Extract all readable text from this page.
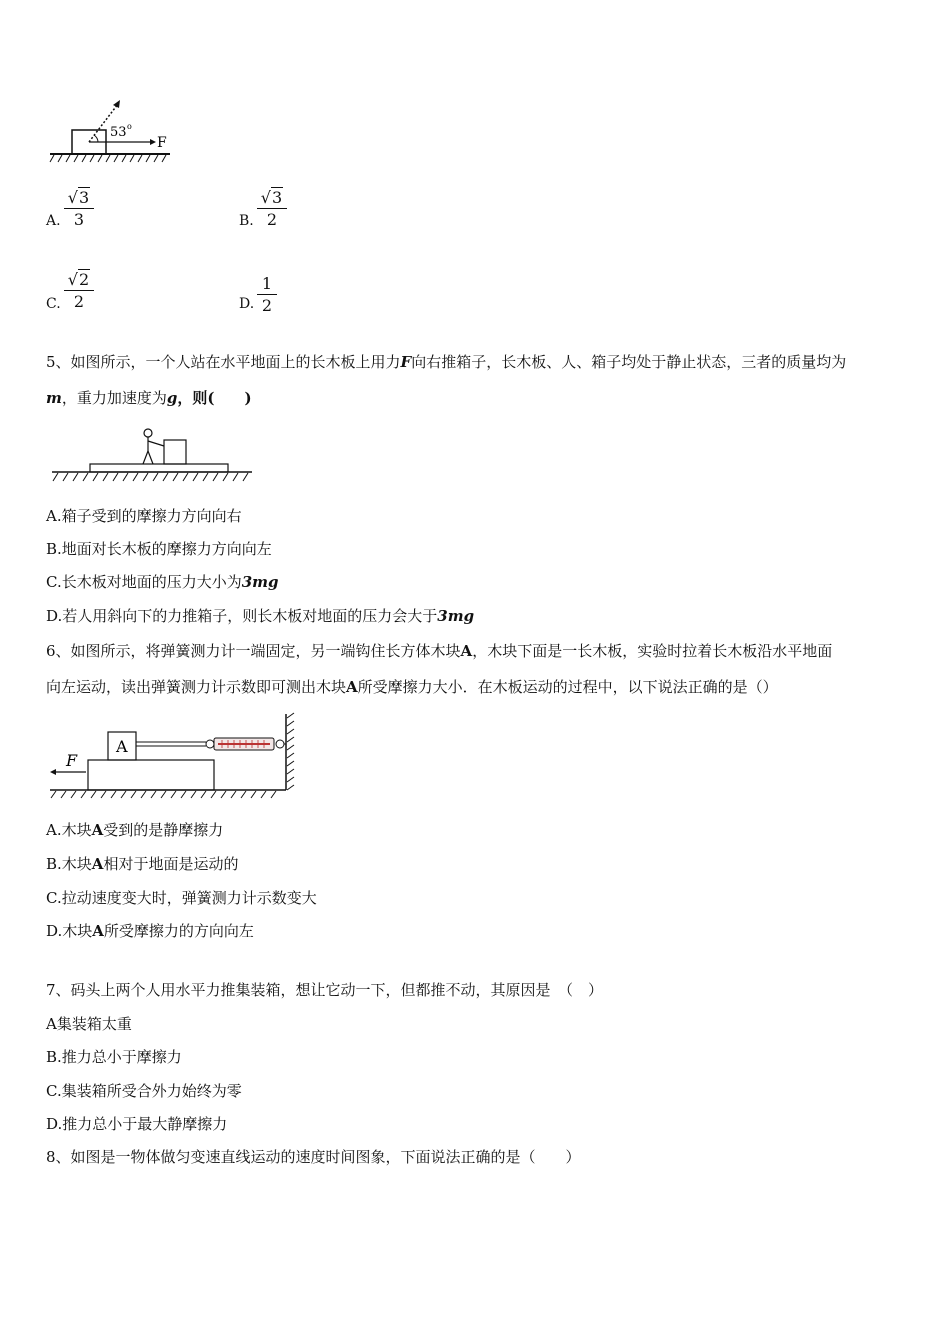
53 o
F
A.
√3
3	B.
√3
2
C.
√2
2	D.
1
2
5、如图所示，一个人站在水平地面上的长木板上用力F向右推箱子，长木板、人、箱子均处于静止状态，三者的质量均为
m，重力加速度为g，则(　　)
A.箱子受到的摩擦力方向向右
B.地面对长木板的摩擦力方向向左
C.长木板对地面的压力大小为3mg
D.若人用斜向下的力推箱子，则长木板对地面的压力会大于3mg
6、如图所示，将弹簧测力计一端固定，另一端钩住长方体木块A，木块下面是一长木板，实验时拉着长木板沿水平地面
向左运动，读出弹簧测力计示数即可测出木块A所受摩擦力大小．在木板运动的过程中，以下说法正确的是（）
A
F
A.木块A受到的是静摩擦力
B.木块A相对于地面是运动的
C.拉动速度变大时，弹簧测力计示数变大
D.木块A所受摩擦力的方向向左
7、码头上两个人用水平力推集装箱，想让它动一下，但都推不动，其原因是　（　）
A集装箱太重
B.推力总小于摩擦力
C.集装箱所受合外力始终为零
D.推力总小于最大静摩擦力
8、如图是一物体做匀变速直线运动的速度时间图象，下面说法正确的是（　　）
